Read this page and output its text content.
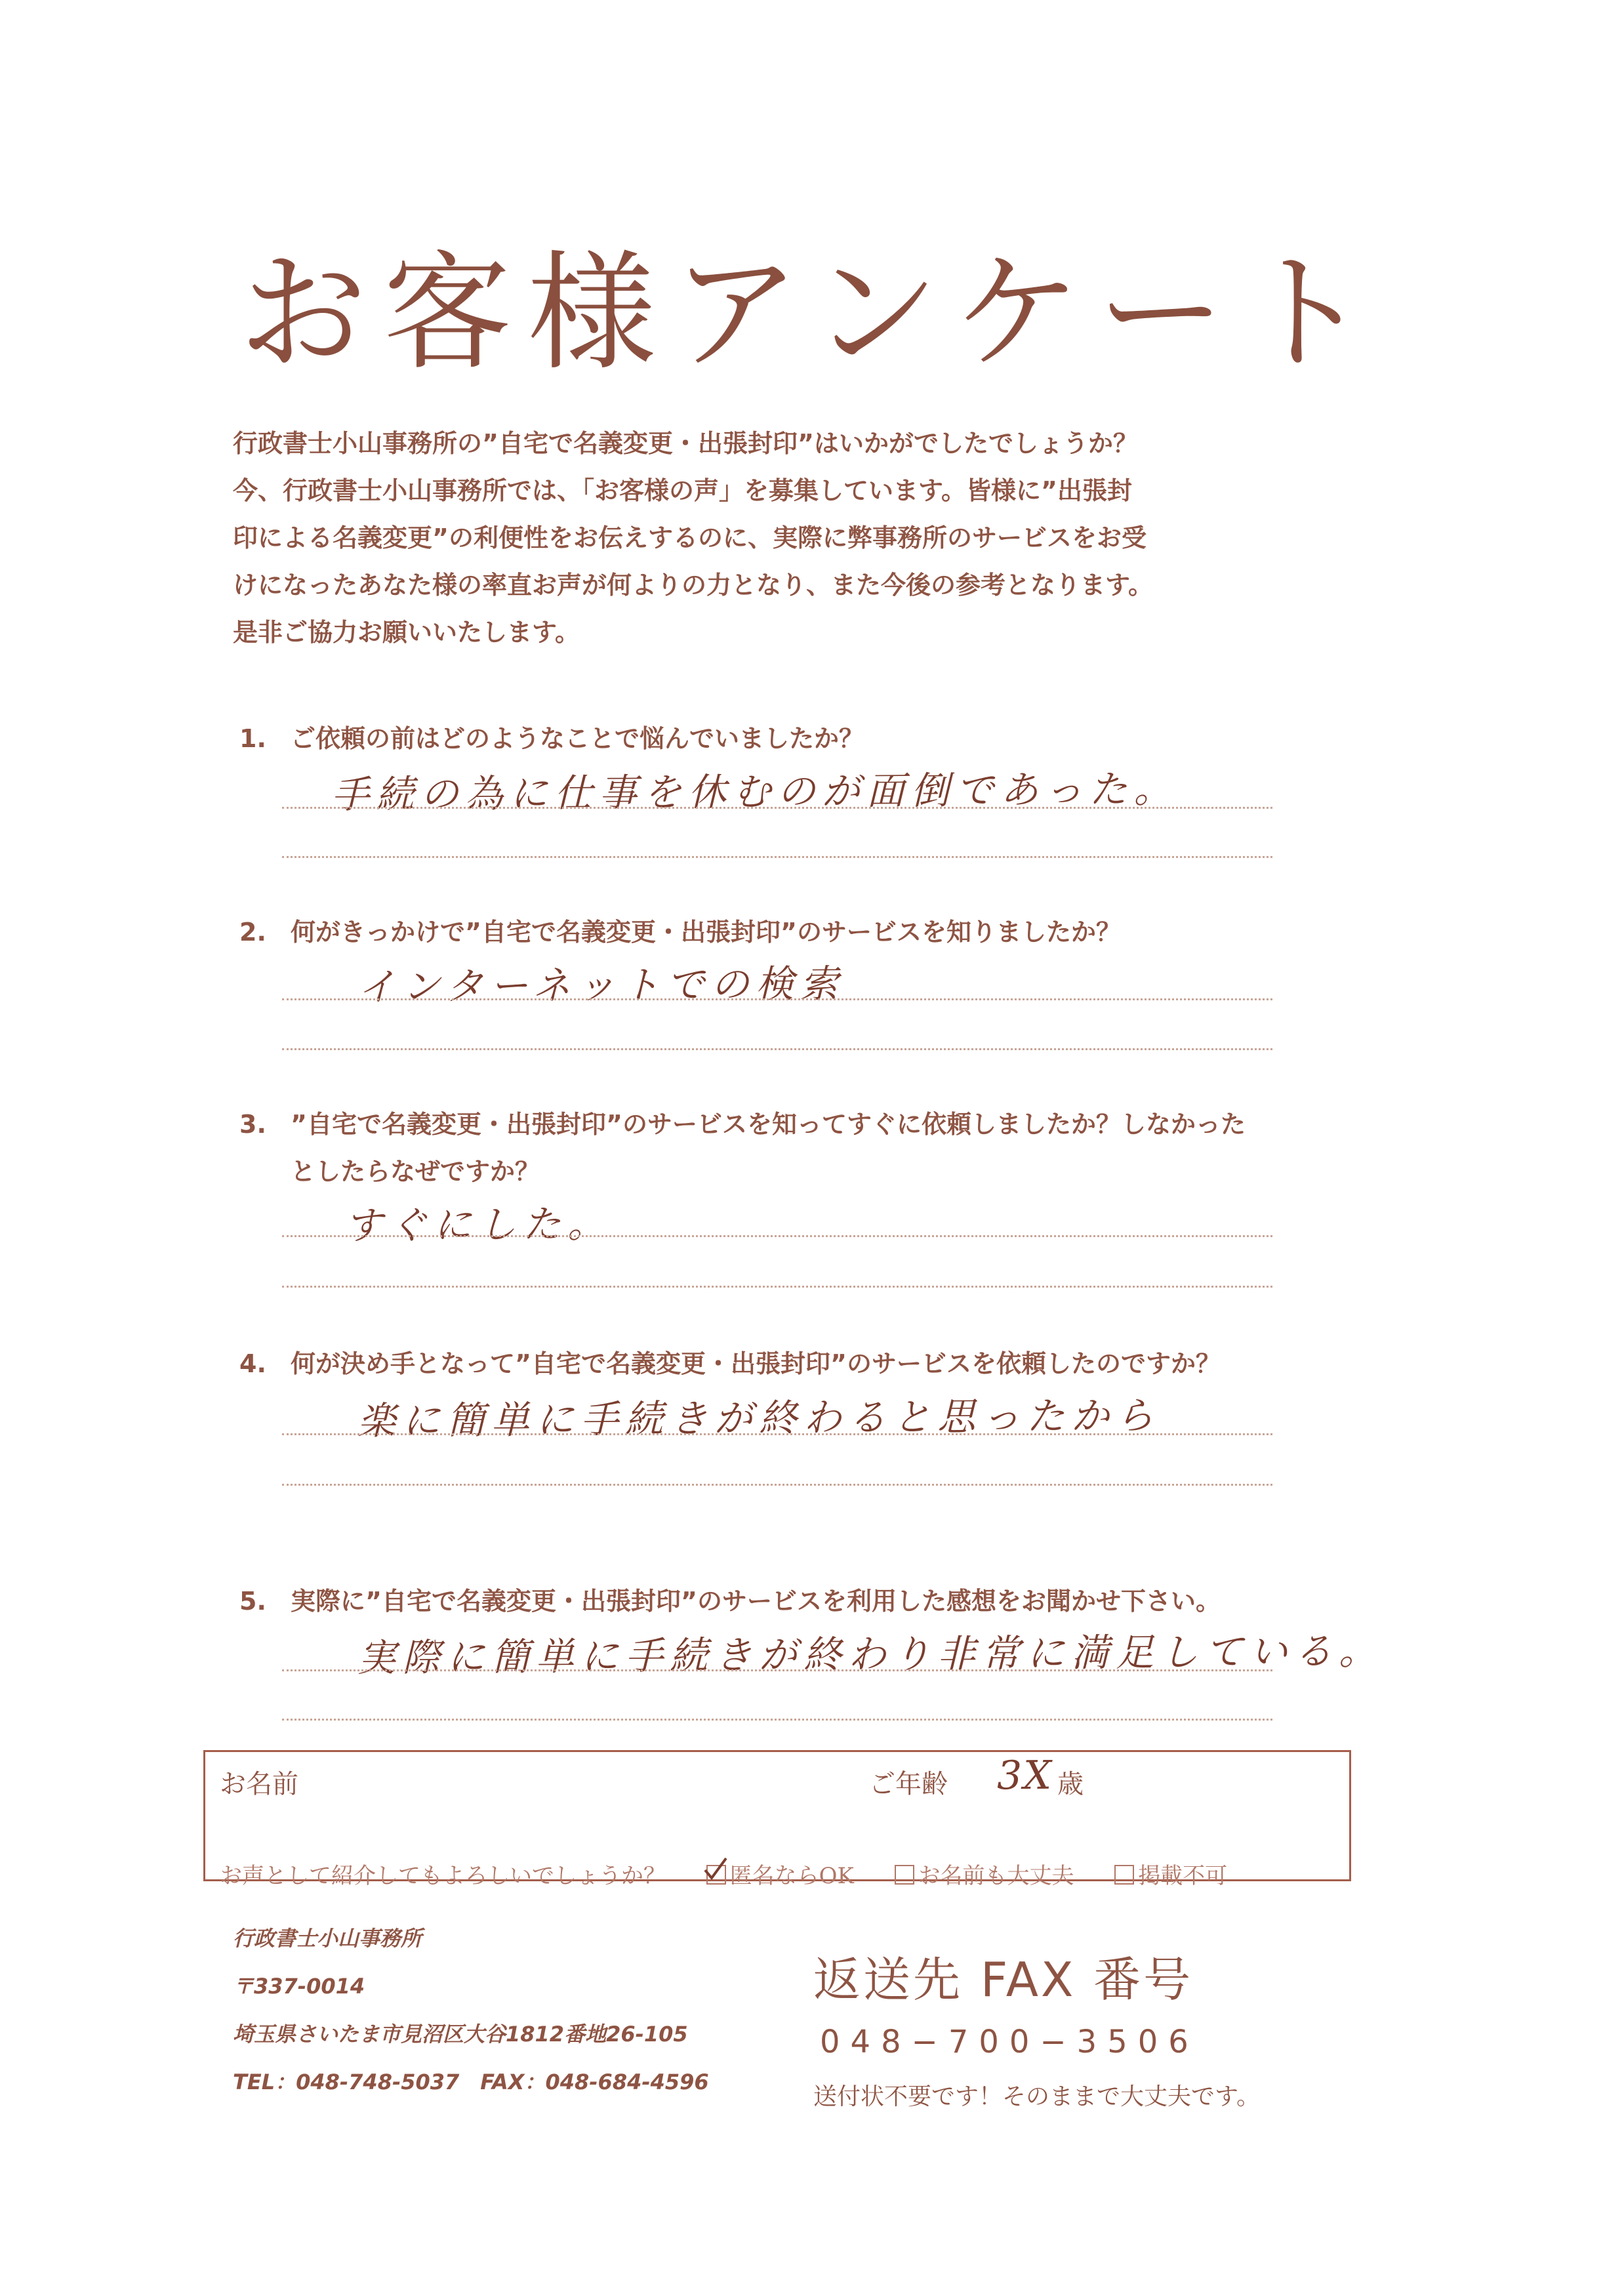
お客様アンケート
行政書士小山事務所の”自宅で名義変更・出張封印”はいかがでしたでしょうか？
今、行政書士小山事務所では、「お客様の声」を募集しています。皆様に”出張封
印による名義変更”の利便性をお伝えするのに、実際に弊事務所のサービスをお受
けになったあなた様の率直お声が何よりの力となり、また今後の参考となります。
是非ご協力お願いいたします。
1. ご依頼の前はどのようなことで悩んでいましたか？
手続の為に仕事を休むのが面倒であった。
2. 何がきっかけで”自宅で名義変更・出張封印”のサービスを知りましたか？
インターネットでの検索
3. ”自宅で名義変更・出張封印”のサービスを知ってすぐに依頼しましたか？しなかった
としたらなぜですか？
すぐにした。
4. 何が決め手となって”自宅で名義変更・出張封印”のサービスを依頼したのですか？
楽に簡単に手続きが終わると思ったから
5. 実際に”自宅で名義変更・出張封印”のサービスを利用した感想をお聞かせ下さい。
実際に簡単に手続きが終わり非常に満足している。
お名前	ご年齢 3X 歳
お声として紹介してもよろしいでしょうか？	匿名ならOK	お名前も大丈夫	掲載不可
行政書士小山事務所
〒337-0014
埼玉県さいたま市見沼区大谷1812番地26-105
TEL：048-748-5037　FAX：048-684-4596
返送先 FAX 番号
048−700−3506
送付状不要です！そのままで大丈夫です。
